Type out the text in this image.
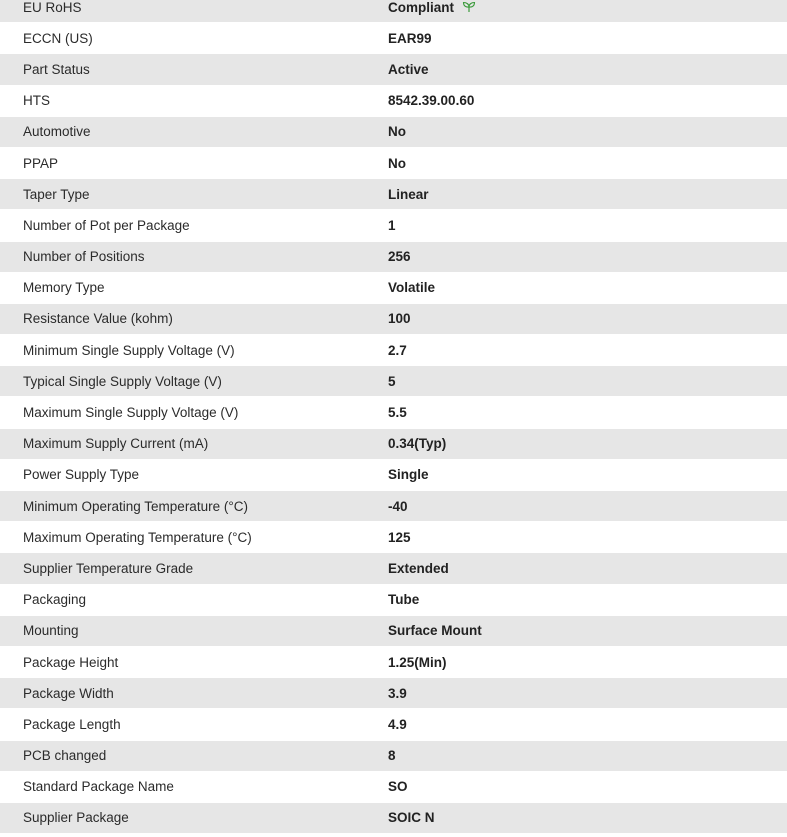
EU RoHS	Compliant
ECCN (US)	EAR99
Part Status	Active
HTS	8542.39.00.60
Automotive	No
PPAP	No
Taper Type	Linear
Number of Pot per Package	1
Number of Positions	256
Memory Type	Volatile
Resistance Value (kohm)	100
Minimum Single Supply Voltage (V)	2.7
Typical Single Supply Voltage (V)	5
Maximum Single Supply Voltage (V)	5.5
Maximum Supply Current (mA)	0.34(Typ)
Power Supply Type	Single
Minimum Operating Temperature (°C)	-40
Maximum Operating Temperature (°C)	125
Supplier Temperature Grade	Extended
Packaging	Tube
Mounting	Surface Mount
Package Height	1.25(Min)
Package Width	3.9
Package Length	4.9
PCB changed	8
Standard Package Name	SO
Supplier Package	SOIC N
